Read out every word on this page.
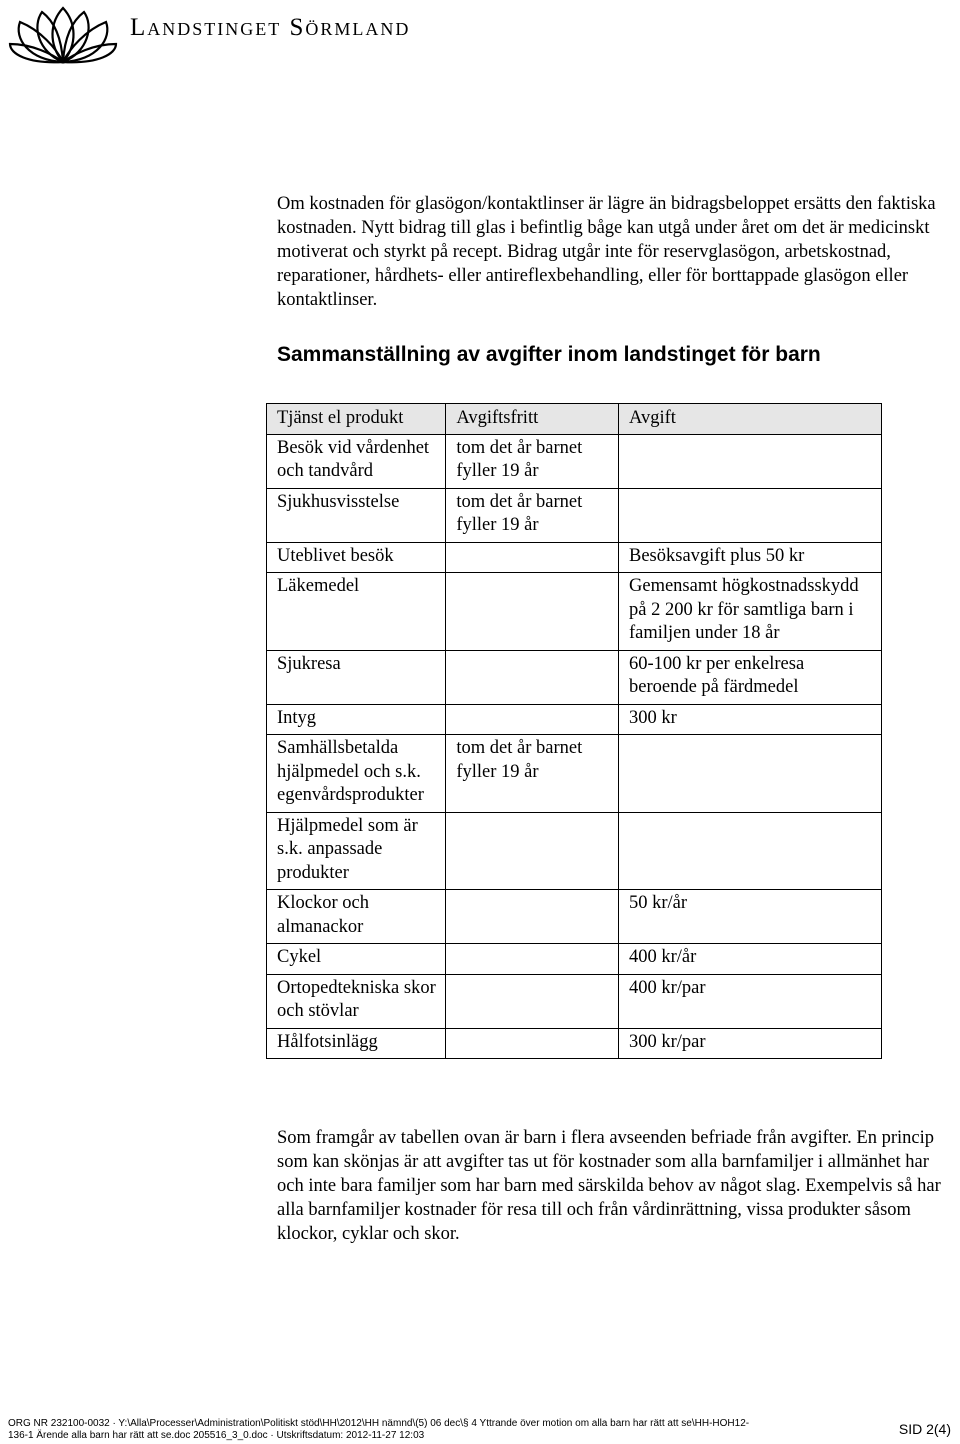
Landstinget Sörmland

Om kostnaden för glasögon/kontaktlinser är lägre än bidragsbeloppet ersätts den faktiska kostnaden. Nytt bidrag till glas i befintlig båge kan utgå under året om det är medicinskt motiverat och styrkt på recept. Bidrag utgår inte för reservglasögon, arbetskostnad, reparationer, hårdhets- eller antireflexbehandling, eller för borttappade glasögon eller kontaktlinser.

Sammanställning av avgifter inom landstinget för barn
Tjänst el produkt	Avgiftsfritt	Avgift
Besök vid vårdenhet och tandvård	tom det år barnet fyller 19 år	
Sjukhusvisstelse	tom det år barnet fyller 19 år	
Uteblivet besök		Besöksavgift plus 50 kr
Läkemedel		Gemensamt högkostnadsskydd på 2 200 kr för samtliga barn i familjen under 18 år
Sjukresa		60-100 kr per enkelresa beroende på färdmedel
Intyg		300 kr
Samhällsbetalda hjälpmedel och s.k. egenvårdsprodukter	tom det år barnet fyller 19 år	
Hjälpmedel som är s.k. anpassade produkter		
Klockor och almanackor		50 kr/år
Cykel		400 kr/år
Ortopedtekniska skor och stövlar		400 kr/par
Hålfotsinlägg		300 kr/par

Som framgår av tabellen ovan är barn i flera avseenden befriade från avgifter. En princip som kan skönjas är att avgifter tas ut för kostnader som alla barnfamiljer i allmänhet har och inte bara familjer som har barn med särskilda behov av något slag. Exempelvis så har alla barnfamiljer kostnader för resa till och från vårdinrättning, vissa produkter såsom klockor, cyklar och skor.

ORG NR 232100-0032 · Y:\Alla\Processer\Administration\Politiskt stöd\HH\2012\HH nämnd\(5) 06 dec\§ 4 Yttrande över motion om alla barn har rätt att se\HH-HOH12-
136-1 Ärende alla barn har rätt att se.doc 205516_3_0.doc · Utskriftsdatum: 2012-11-27 12:03	SID 2(4)
